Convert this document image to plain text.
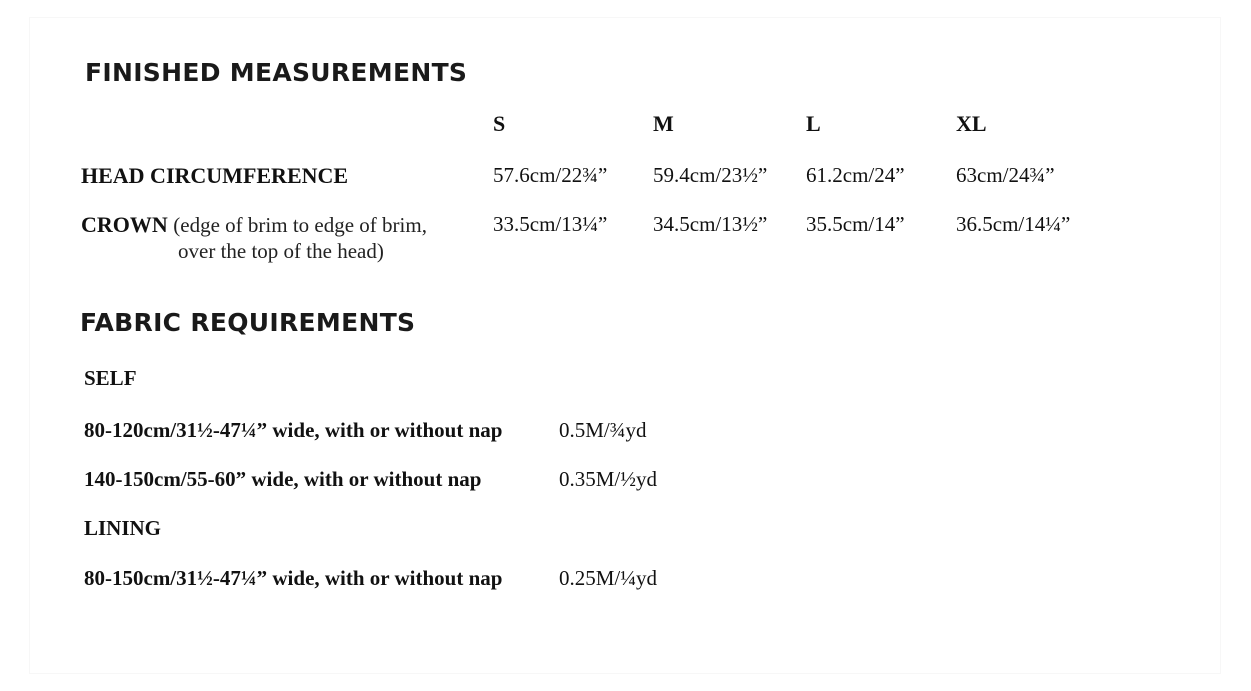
FINISHED MEASUREMENTS
S	M	L	XL
HEAD CIRCUMFERENCE	57.6cm/22¾” 59.4cm/23½” 61.2cm/24” 63cm/24¾”
CROWN (edge of brim to edge of brim,
over the top of the head)
33.5cm/13¼” 34.5cm/13½” 35.5cm/14” 36.5cm/14¼”
FABRIC REQUIREMENTS
SELF
80-120cm/31½-47¼” wide, with or without nap	0.5M/¾yd
140-150cm/55-60” wide, with or without nap	0.35M/½yd
LINING
80-150cm/31½-47¼” wide, with or without nap	0.25M/¼yd
